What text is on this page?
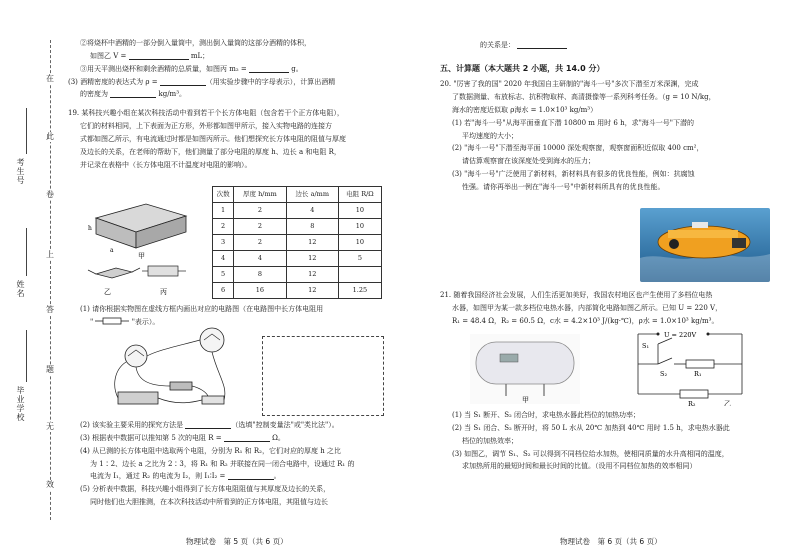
在
此
卷
上
答
题
无
效
考生号
姓名
毕业学校
②将烧杯中酒精的一部分倒入量筒中，测出倒入量筒的这部分酒精的体积，
如图乙 V =	mL；
③用天平测出烧杯和剩余酒精的总质量，如图丙 m₂ =	g。
(3) 酒精密度的表达式为 ρ =	（用实验步骤中的字母表示），计算出酒精
的密度为	kg/m³。
19. 某科技兴趣小组在某次科技活动中看到若干个长方体电阻（包含若干个正方体电阻），
它们的材料相同，上下表面为正方形，外形都如图甲所示，接入实物电路的连接方
式都如图乙所示，有电流通过时都是如图丙所示。他们想探究长方体电阻的阻值与厚度
及边长的关系，在老师的帮助下，他们测量了部分电阻的厚度 h、边长 a 和电阻 R，
并记录在表格中（长方体电阻不计温度对电阻的影响）。
h
a
甲
乙	丙
次数	厚度 h/mm	边长 a/mm	电阻 R/Ω
1	2	4	10
2	2	8	10
3	2	12	10
4	4	12	5
5	8	12	
6	16	12	1.25
(1) 请你根据实物图在虚线方框内画出对应的电路图（在电路图中长方体电阻用
"	"表示）。
(2) 该实验主要采用的探究方法是	（选填"控制变量法"或"类比法"）。
(3) 根据表中数据可以推知第 5 次的电阻 R =	Ω。
(4) 从已测的长方体电阻中选取两个电阻，分别为 R₁ 和 R₂，它们对应的厚度 h 之比
为 1∶2、边长 a 之比为 2∶3，将 R₁ 和 R₂ 并联接在同一闭合电路中，设通过 R₁ 的
电流为 I₁，通过 R₂ 的电流为 I₂，则 I₁∶I₂ =	。
(5) 分析表中数据，科技兴趣小组得到了长方体电阻阻值与其厚度及边长的关系，
同时他们也大胆推测，在本次科技活动中所看到的正方体电阻，其阻值与边长
物理试卷　第 5 页（共 6 页）
的关系是：
五、计算题（本大题共 2 小题，共 14.0 分）
20. "厉害了我的国" 2020 年我国自主研制的"海斗一号"多次下潜至万米深渊，完成
了数据测量、布放标志、抗积物取样、高清摄像等一系列科考任务。（g = 10 N/kg，
海水的密度近似取 ρ海水 = 1.0×10³ kg/m³）
(1) 若"海斗一号"从海平面垂直下潜 10800 m 用时 6 h，求"海斗一号"下潜的
平均速度的大小；
(2) "海斗一号"下潜至海平面 10000 深处观察窗，观察窗面积近似取 400 cm²，
请估算观察窗在该深度处受到海水的压力；
(3) "海斗一号"广泛使用了新材料，新材料具有很多的优良性能，例如：抗腐蚀
性强。请你再举出一例在"海斗一号"中新材料所具有的优良性能。
21. 随着我国经济社会发展，人们生活更加美好，我国农村地区也产生使用了多档位电热
水器，如图甲为某一款多档位电热水器，内部简化电路如图乙所示。已知 U = 220 V，
R₁ = 48.4 Ω，R₂ = 60.5 Ω，c水 = 4.2×10³ J/(kg·℃)，ρ水 = 1.0×10³ kg/m³。
甲
U = 220V
S₁
S₂	R₁
R₂	乙
(1) 当 S₁ 断开、S₂ 闭合时，求电热水器此档位的加热功率；
(2) 当 S₁ 闭合、S₂ 断开时，将 50 L 水从 20℃ 加热到 40℃ 用时 1.5 h，求电热水器此
档位的加热效率；
(3) 如图乙，调节 S₁、S₂ 可以得到不同档位给水加热，使相同质量的水升高相同的温度，
求加热所用的最短时间和最长时间的比值。（设用不同档位加热的效率相同）
物理试卷　第 6 页（共 6 页）
